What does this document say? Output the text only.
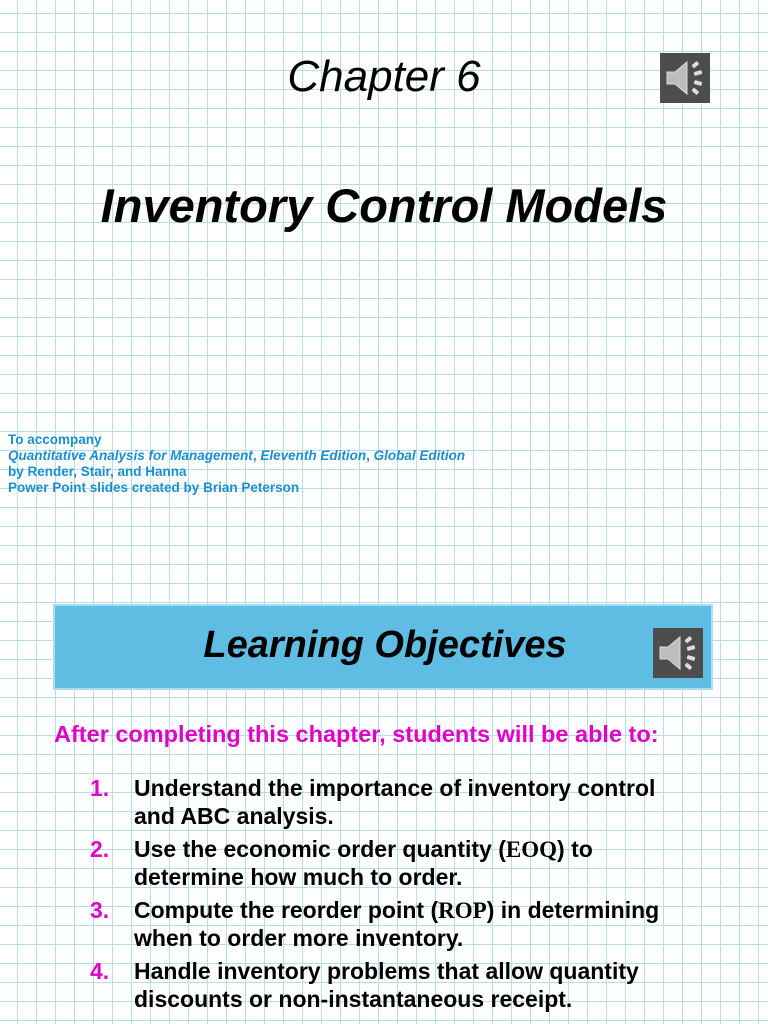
Chapter 6
Inventory Control Models
To accompany
Quantitative Analysis for Management, Eleventh Edition, Global Edition
by Render, Stair, and Hanna
Power Point slides created by Brian Peterson
Learning Objectives
After completing this chapter, students will be able to:
1. Understand the importance of inventory control and ABC analysis.
2. Use the economic order quantity (EOQ) to determine how much to order.
3. Compute the reorder point (ROP) in determining when to order more inventory.
4. Handle inventory problems that allow quantity discounts or non-instantaneous receipt.
